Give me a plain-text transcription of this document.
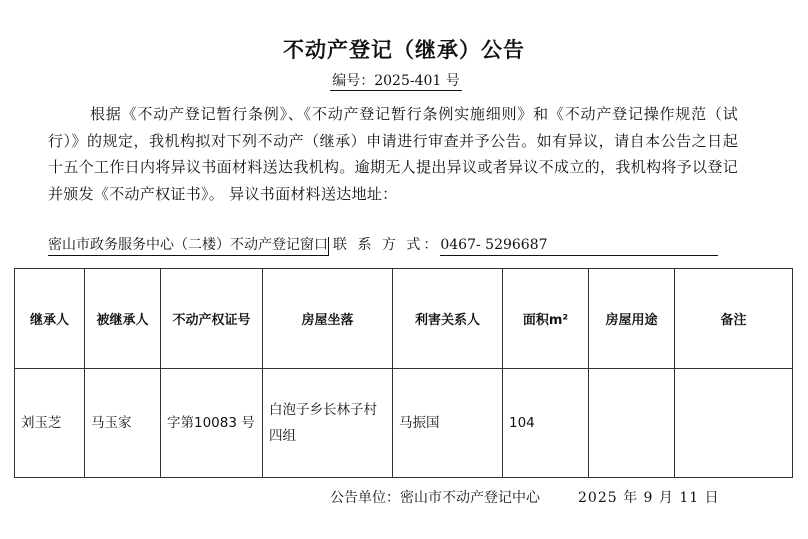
不动产登记（继承）公告
编号：2025-401 号
根据《不动产登记暂行条例》、《不动产登记暂行条例实施细则》和《不动产登记操作规范（试行）》的规定，我机构拟对下列不动产（继承）申请进行审查并予公告。如有异议，请自本公告之日起十五个工作日内将异议书面材料送达我机构。逾期无人提出异议或者异议不成立的，我机构将予以登记并颁发《不动产权证书》。 异议书面材料送达地址：
密山市政务服务中心（二楼）不动产登记窗口 联 系 方 式：0467- 5296687
继承人	被继承人	不动产权证号	房屋坐落	利害关系人	面积m²	房屋用途	备注
刘玉芝	马玉家	字第10083 号	白泡子乡长林子村四组	马振国	104		
公告单位：密山市不动产登记中心	2025 年 9 月 11 日
